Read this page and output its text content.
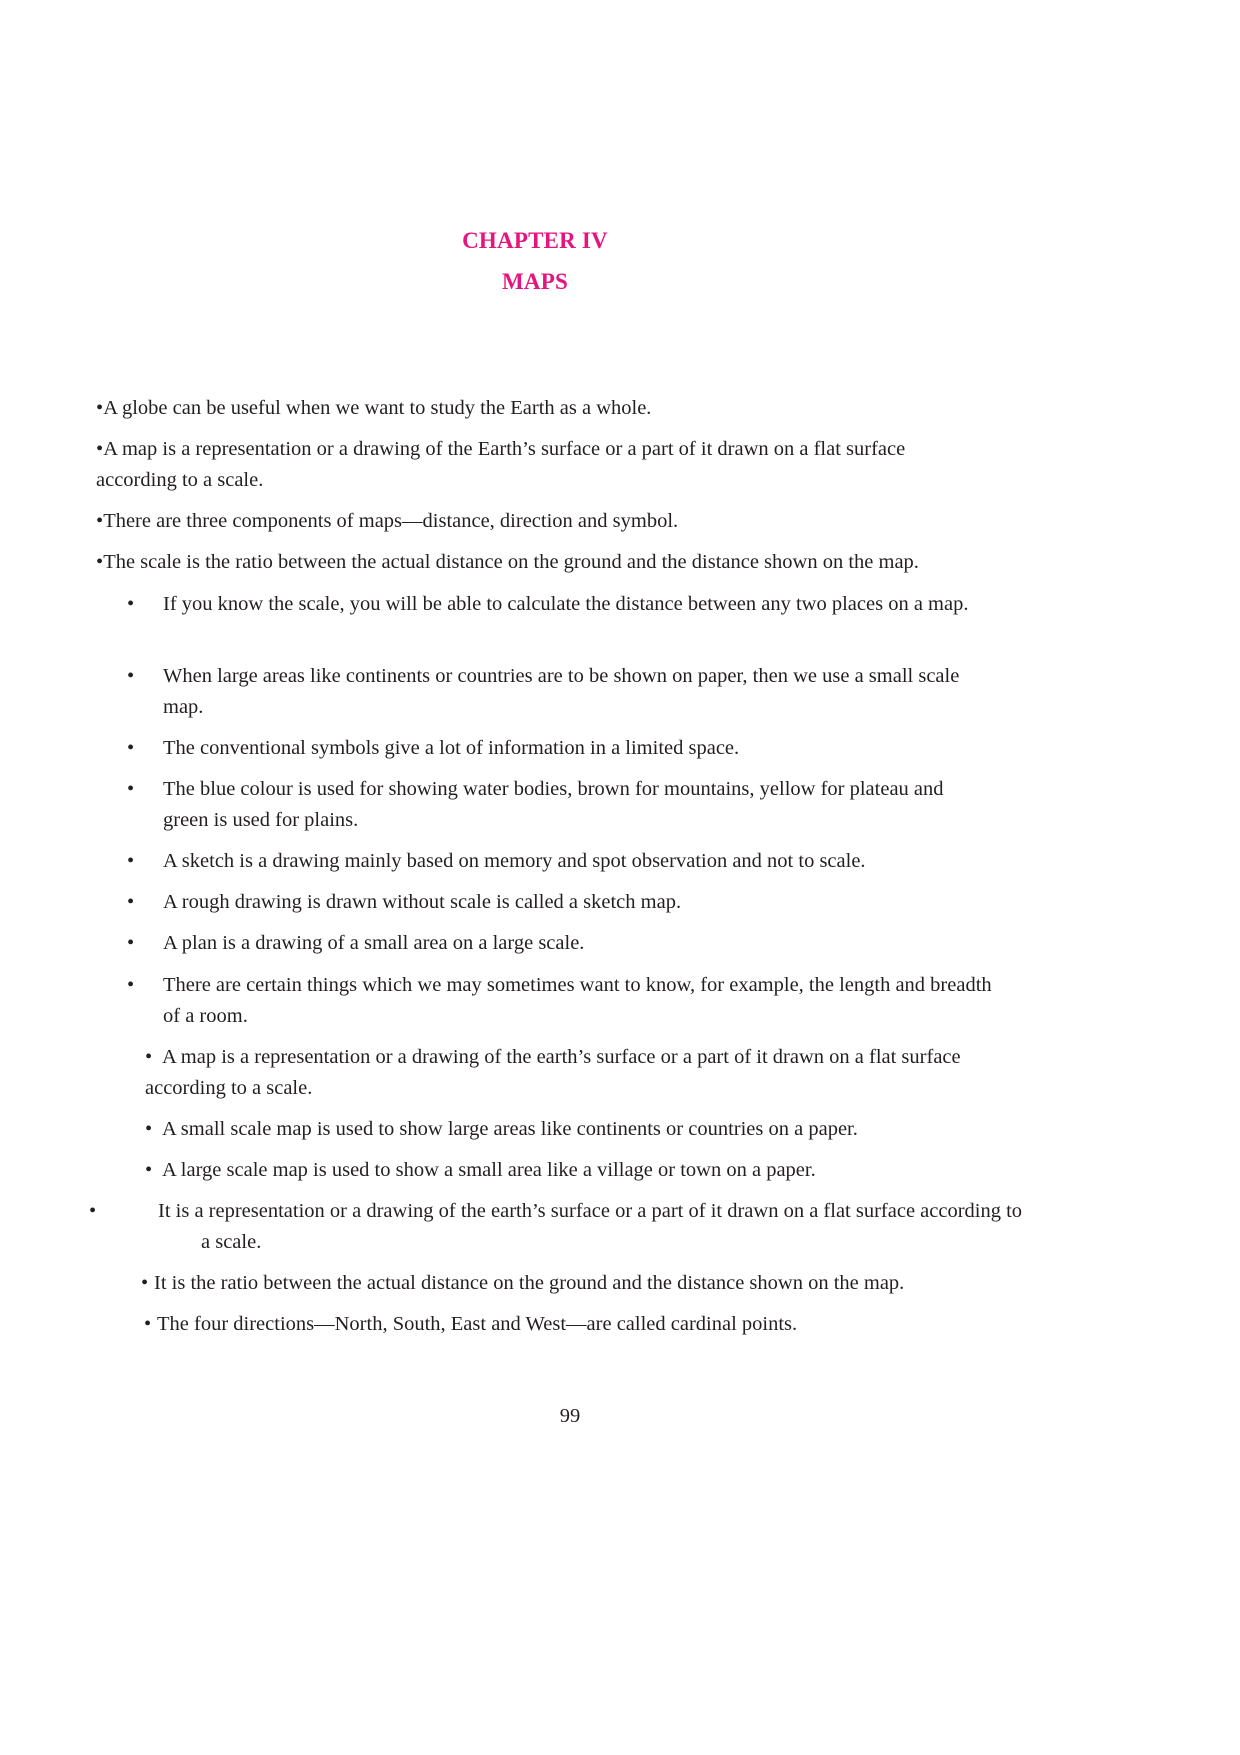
CHAPTER IV
MAPS
•A globe can be useful when we want to study the Earth as a whole.
•A map is a representation or a drawing of the Earth’s surface or a part of it drawn on a flat surface according to a scale.
•There are three components of maps—distance, direction and symbol.
•The scale is the ratio between the actual distance on the ground and the distance shown on the map.
• If you know the scale, you will be able to calculate the distance between any two places on a map.
• When large areas like continents or countries are to be shown on paper, then we use a small scale map.
• The conventional symbols give a lot of information in a limited space.
• The blue colour is used for showing water bodies, brown for mountains, yellow for plateau and green is used for plains.
• A sketch is a drawing mainly based on memory and spot observation and not to scale.
• A rough drawing is drawn without scale is called a sketch map.
• A plan is a drawing of a small area on a large scale.
• There are certain things which we may sometimes want to know, for example, the length and breadth of a room.
• A map is a representation or a drawing of the earth’s surface or a part of it drawn on a flat surface according to a scale.
• A small scale map is used to show large areas like continents or countries on a paper.
• A large scale map is used to show a small area like a village or town on a paper.
•	It is a representation or a drawing of the earth’s surface or a part of it drawn on a flat surface according to a scale.
• It is the ratio between the actual distance on the ground and the distance shown on the map.
• The four directions—North, South, East and West—are called cardinal points.
99
